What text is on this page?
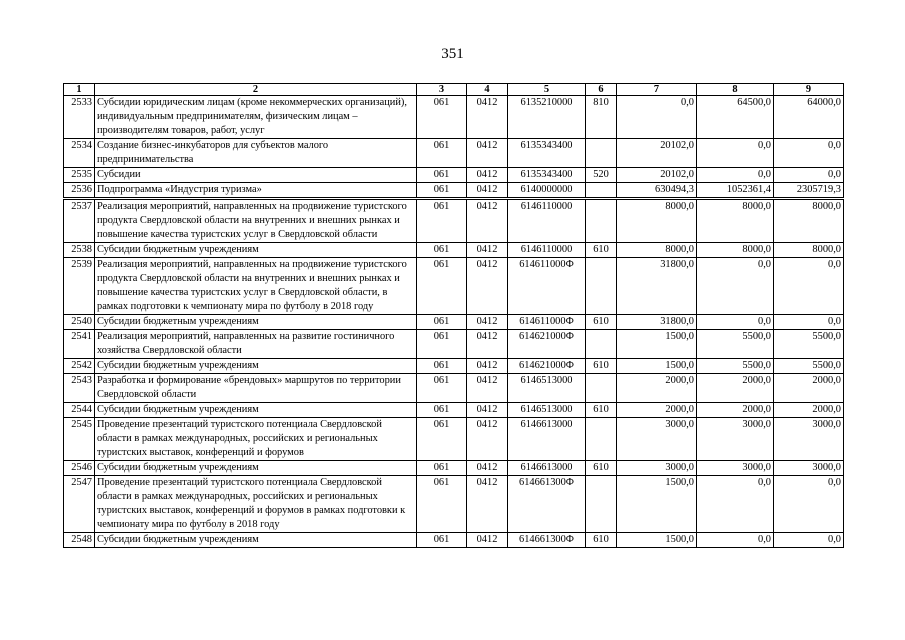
351
1	2	3	4	5	6	7	8	9
2533	Субсидии юридическим лицам (кроме некоммерческих организаций), индивидуальным предпринимателям, физическим лицам – производителям товаров, работ, услуг	061	0412	6135210000	810	0,0	64500,0	64000,0
2534	Создание бизнес-инкубаторов для субъектов малого предпринимательства	061	0412	6135343400		20102,0	0,0	0,0
2535	Субсидии	061	0412	6135343400	520	20102,0	0,0	0,0
2536	Подпрограмма «Индустрия туризма»	061	0412	6140000000		630494,3	1052361,4	2305719,3
2537	Реализация мероприятий, направленных на продвижение туристского продукта Свердловской области на внутренних и внешних рынках и повышение качества туристских услуг в Свердловской области	061	0412	6146110000		8000,0	8000,0	8000,0
2538	Субсидии бюджетным учреждениям	061	0412	6146110000	610	8000,0	8000,0	8000,0
2539	Реализация мероприятий, направленных на продвижение туристского продукта Свердловской области на внутренних и внешних рынках и повышение качества туристских услуг в Свердловской области, в рамках подготовки к чемпионату мира по футболу в 2018 году	061	0412	614611000Ф		31800,0	0,0	0,0
2540	Субсидии бюджетным учреждениям	061	0412	614611000Ф	610	31800,0	0,0	0,0
2541	Реализация мероприятий, направленных на развитие гостиничного хозяйства Свердловской области	061	0412	614621000Ф		1500,0	5500,0	5500,0
2542	Субсидии бюджетным учреждениям	061	0412	614621000Ф	610	1500,0	5500,0	5500,0
2543	Разработка и формирование «брендовых» маршрутов по территории Свердловской области	061	0412	6146513000		2000,0	2000,0	2000,0
2544	Субсидии бюджетным учреждениям	061	0412	6146513000	610	2000,0	2000,0	2000,0
2545	Проведение презентаций туристского потенциала Свердловской области в рамках международных, российских и региональных туристских выставок, конференций и форумов	061	0412	6146613000		3000,0	3000,0	3000,0
2546	Субсидии бюджетным учреждениям	061	0412	6146613000	610	3000,0	3000,0	3000,0
2547	Проведение презентаций туристского потенциала Свердловской области в рамках международных, российских и региональных туристских выставок, конференций и форумов в рамках подготовки к чемпионату мира по футболу в 2018 году	061	0412	614661300Ф		1500,0	0,0	0,0
2548	Субсидии бюджетным учреждениям	061	0412	614661300Ф	610	1500,0	0,0	0,0
